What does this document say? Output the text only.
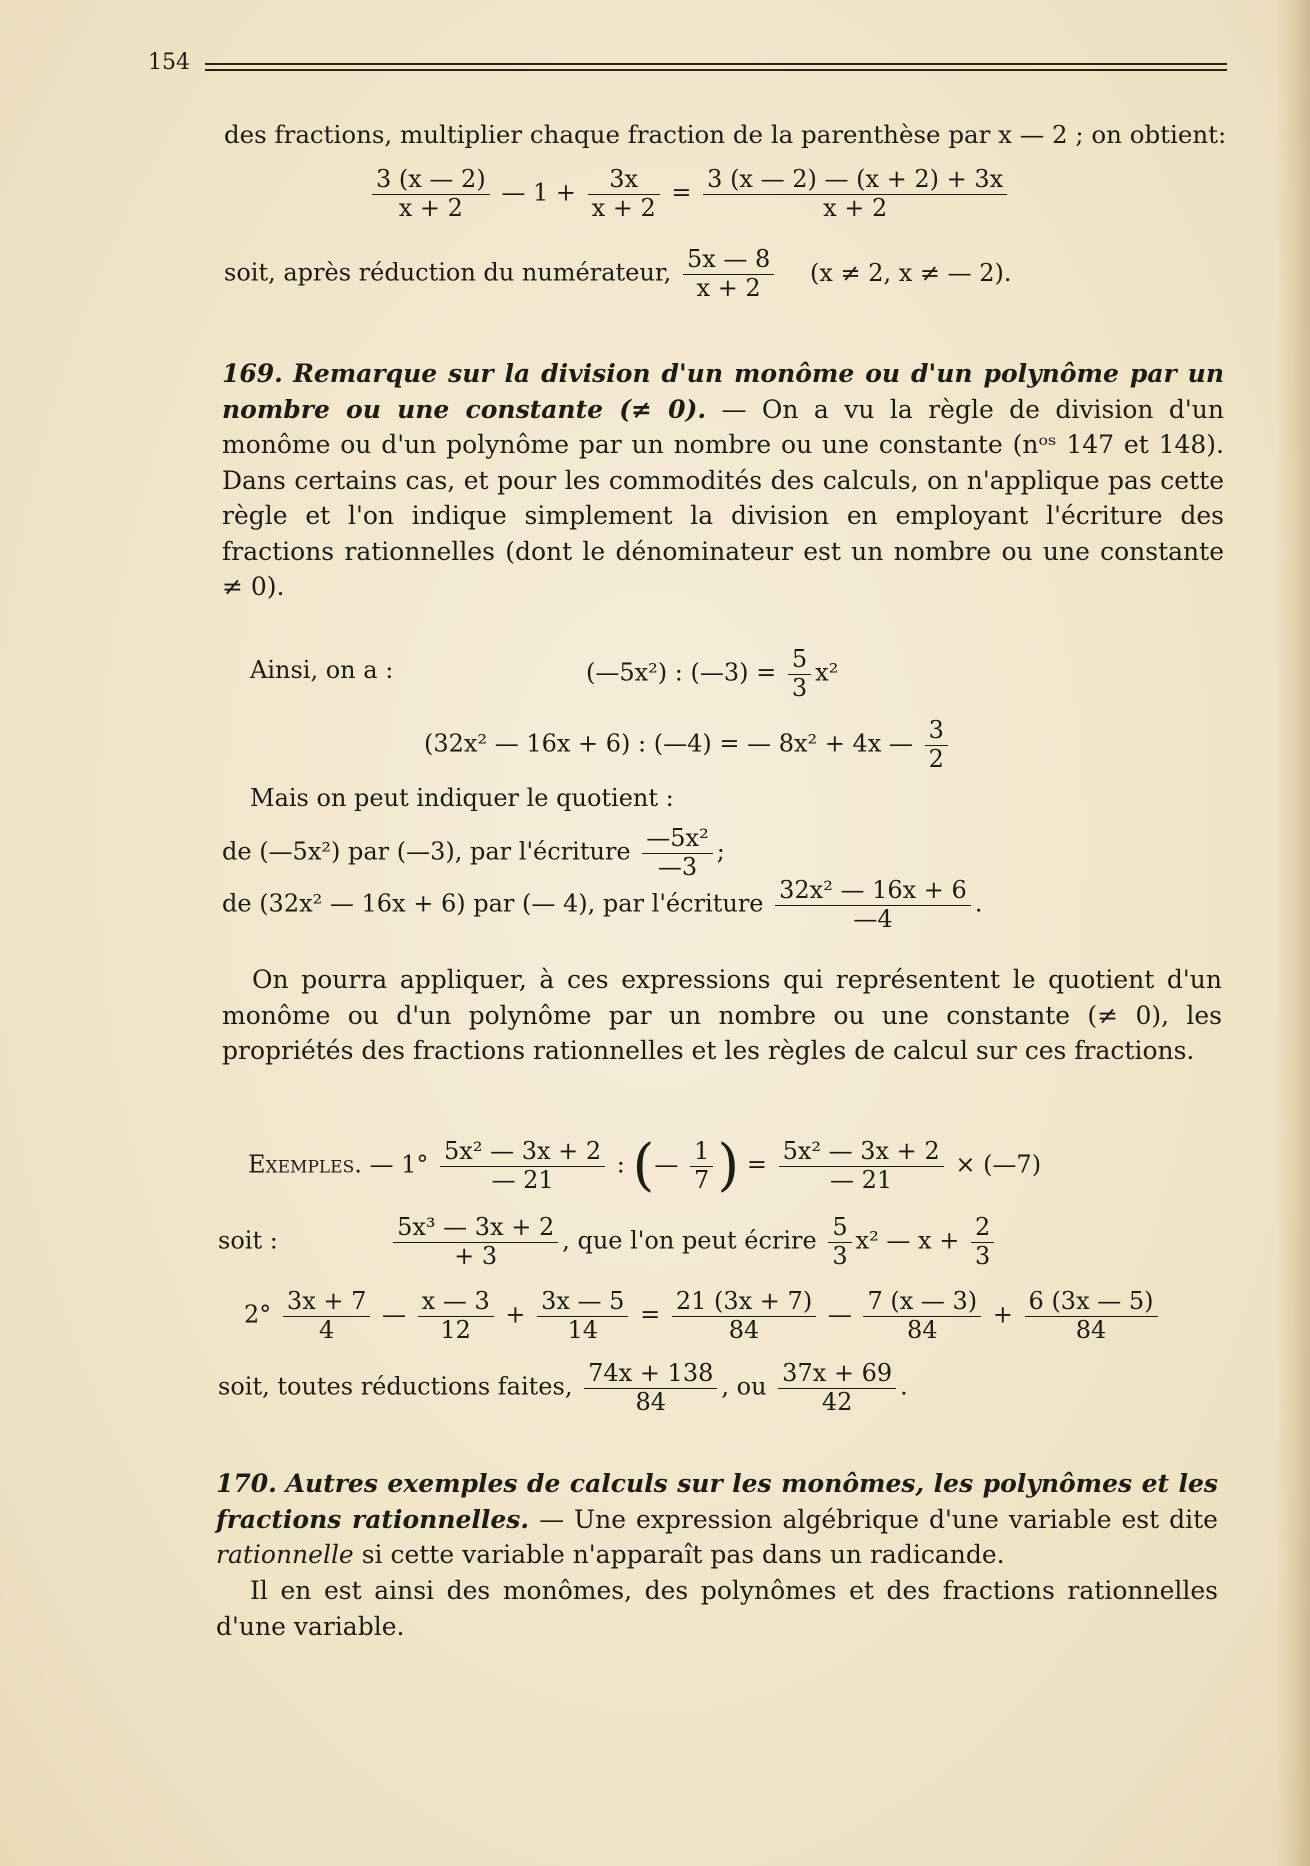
154
des fractions, multiplier chaque fraction de la parenthèse par x — 2 ; on obtient:
$\frac{3 (x — 2)}{x + 2}$ — $1 + \frac{3x}{x + 2} = \frac{3 (x — 2) — (x + 2) + 3x}{x + 2}$
soit, après réduction du numérateur, $\frac{5x — 8}{x + 2} (x \ne 2$, x ≠ — 2).
169. Remarque sur la division d'un monôme ou d'un polynôme par un nombre ou une constante (≠ 0). — On a vu la règle de division d'un monôme ou d'un polynôme par un nombre ou une constante (nᵒˢ 147 et 148). Dans certains cas, et pour les commodités des calculs, on n'applique pas cette règle et l'on indique simplement la division en employant l'écriture des fractions rationnelles (dont le dénominateur est un nombre ou une constante ≠ 0).
Ainsi, on a :	(—5x²) : (—3) = $\frac{5}{3} x^2$
(32x² — 16x + 6) : (—4) = — 8x² + 4x — $\frac{3}{2}$
Mais on peut indiquer le quotient :
de (—5x²) par (—3), par l'écriture $\frac{\text{—5x²}}{—3}$ ;
de (32x² — 16x + 6) par (— 4), par l'écriture $\frac{\text{32x² — 16x + 6}}{—4}$ .
On pourra appliquer, à ces expressions qui représentent le quotient d'un monôme ou d'un polynôme par un nombre ou une constante (≠ 0), les propriétés des fractions rationnelles et les règles de calcul sur ces fractions.
Exemples. — $1^\circ \frac{\text{5x² — 3x + 2}}{— 21}$ : (— $\frac{1}{7}$ ) = $\frac{\text{5x² — 3x + 2}}{— 21}$ × (—7)
soit :	$\frac{\text{5x³ — 3x + 2}}{+ 3}$ , que l'on peut écrire $\frac{5}{3} x^2$ — $x + \frac{2}{3}$
$2^\circ \frac{3x + 7}{4}$ — $\frac{x — 3}{12} + \frac{3x — 5}{14} = \frac{21 (3x + 7)}{84}$ — $\frac{7 (x — 3)}{84} + \frac{6 (3x — 5)}{84}$
soit, toutes réductions faites, $\frac{74x + 138}{84}$ , ou $\frac{37x + 69}{42}$ .
170. Autres exemples de calculs sur les monômes, les polynômes et les fractions rationnelles. — Une expression algébrique d'une variable est dite rationnelle si cette variable n'apparaît pas dans un radicande.
Il en est ainsi des monômes, des polynômes et des fractions rationnelles d'une variable.
